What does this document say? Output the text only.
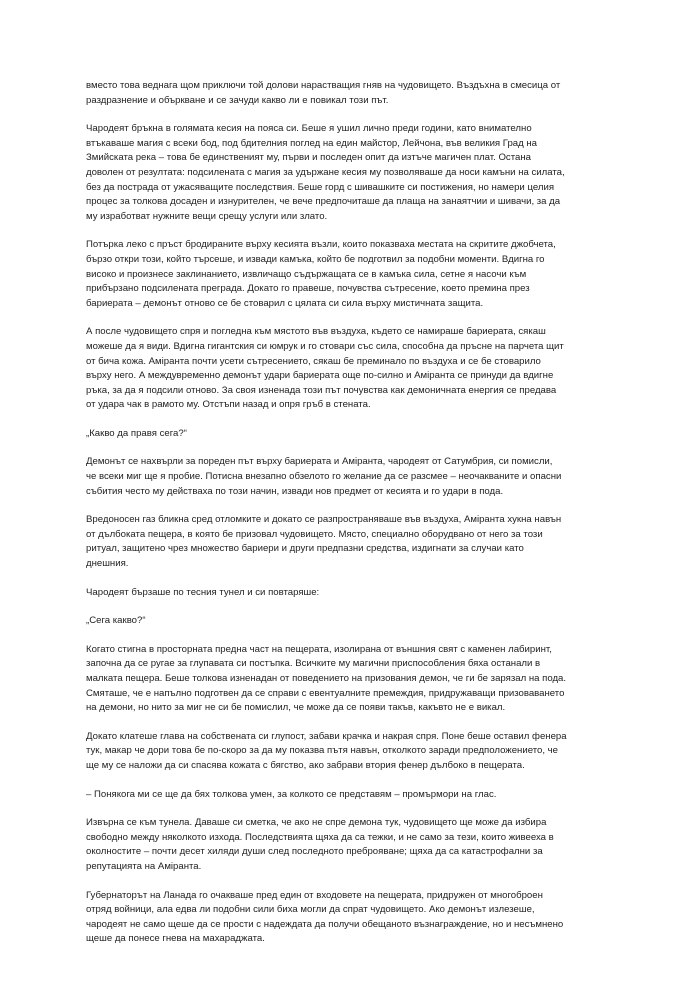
вместо това веднага щом приключи той долови нарастващия гняв на чудовището. Въздъхна в смесица от
раздразнение и объркване и се зачуди какво ли е повикал този път.

Чародеят бръкна в голямата кесия на пояса си. Беше я ушил лично преди години, като внимателно
втъкаваше магия с всеки бод, под бдителния поглед на един майстор, Лейчона, във великия Град на
Змийската река – това бе единственият му, първи и последен опит да изтъче магичен плат. Остана
доволен от резултата: подсилената с магия за удържане кесия му позволяваше да носи камъни на силата,
без да пострада от ужасяващите последствия. Беше горд с шивашките си постижения, но намери целия
процес за толкова досаден и изнурителен, че вече предпочиташе да плаща на занаятчии и шивачи, за да
му изработват нужните вещи срещу услуги или злато.

Потърка леко с пръст бродираните върху кесията възли, които показваха местата на скритите джобчета,
бързо откри този, който търсеше, и извади камъка, който бе подготвил за подобни моменти. Вдигна го
високо и произнесе заклинанието, извличащо съдържащата се в камъка сила, сетне я насочи към
прибързано подсилената преграда. Докато го правеше, почувства сътресение, което премина през
бариерата – демонът отново се бе стоварил с цялата си сила върху мистичната защита.

А после чудовището спря и погледна към мястото във въздуха, където се намираше бариерата, сякаш
можеше да я види. Вдигна гигантския си юмрук и го стовари със сила, способна да пръсне на парчета щит
от бича кожа. Аміранта почти усети сътресението, сякаш бе преминало по въздуха и се бе стоварило
върху него. А междувременно демонът удари бариерата още по-силно и Аміранта се принуди да вдигне
ръка, за да я подсили отново. За своя изненада този път почувства как демоничната енергия се предава
от удара чак в рамото му. Отстъпи назад и опря гръб в стената.

„Какво да правя сега?“

Демонът се нахвърли за пореден път върху бариерата и Аміранта, чародеят от Сатумбрия, си помисли,
че всеки миг ще я пробие. Потисна внезапно обзелото го желание да се разсмее – неочакваните и опасни
събития често му действаха по този начин, извади нов предмет от кесията и го удари в пода.

Вредоносен газ бликна сред отломките и докато се разпространяваше във въздуха, Аміранта хукна навън
от дълбоката пещера, в която бе призовал чудовището. Място, специално оборудвано от него за този
ритуал, защитено чрез множество бариери и други предпазни средства, издигнати за случаи като
днешния.

Чародеят бързаше по тесния тунел и си повтаряше:

„Сега какво?“

Когато стигна в просторната предна част на пещерата, изолирана от външния свят с каменен лабиринт,
започна да се ругае за глупавата си постъпка. Всичките му магични приспособления бяха останали в
малката пещера. Беше толкова изненадан от поведението на призования демон, че ги бе зарязал на пода.
Смяташе, че е напълно подготвен да се справи с евентуалните премеждия, придружаващи призоваването
на демони, но нито за миг не си бе помислил, че може да се появи такъв, какъвто не е викал.

Докато клатеше глава на собствената си глупост, забави крачка и накрая спря. Поне беше оставил фенера
тук, макар че дори това бе по-скоро за да му показва пътя навън, отколкото заради предположението, че
ще му се наложи да си спасява кожата с бягство, ако забрави втория фенер дълбоко в пещерата.

– Понякога ми се ще да бях толкова умен, за колкото се представям – промърмори на глас.

Извърна се към тунела. Даваше си сметка, че ако не спре демона тук, чудовището ще може да избира
свободно между няколкото изхода. Последствията щяха да са тежки, и не само за тези, които живееха в
околностите – почти десет хиляди души след последното преброяване; щяха да са катастрофални за
репутацията на Аміранта.

Губернаторът на Ланада го очакваше пред един от входовете на пещерата, придружен от многоброен
отряд войници, ала едва ли подобни сили биха могли да спрат чудовището. Ако демонът излезеше,
чародеят не само щеше да се прости с надеждата да получи обещаното възнаграждение, но и несъмнено
щеше да понесе гнева на махараджата.
